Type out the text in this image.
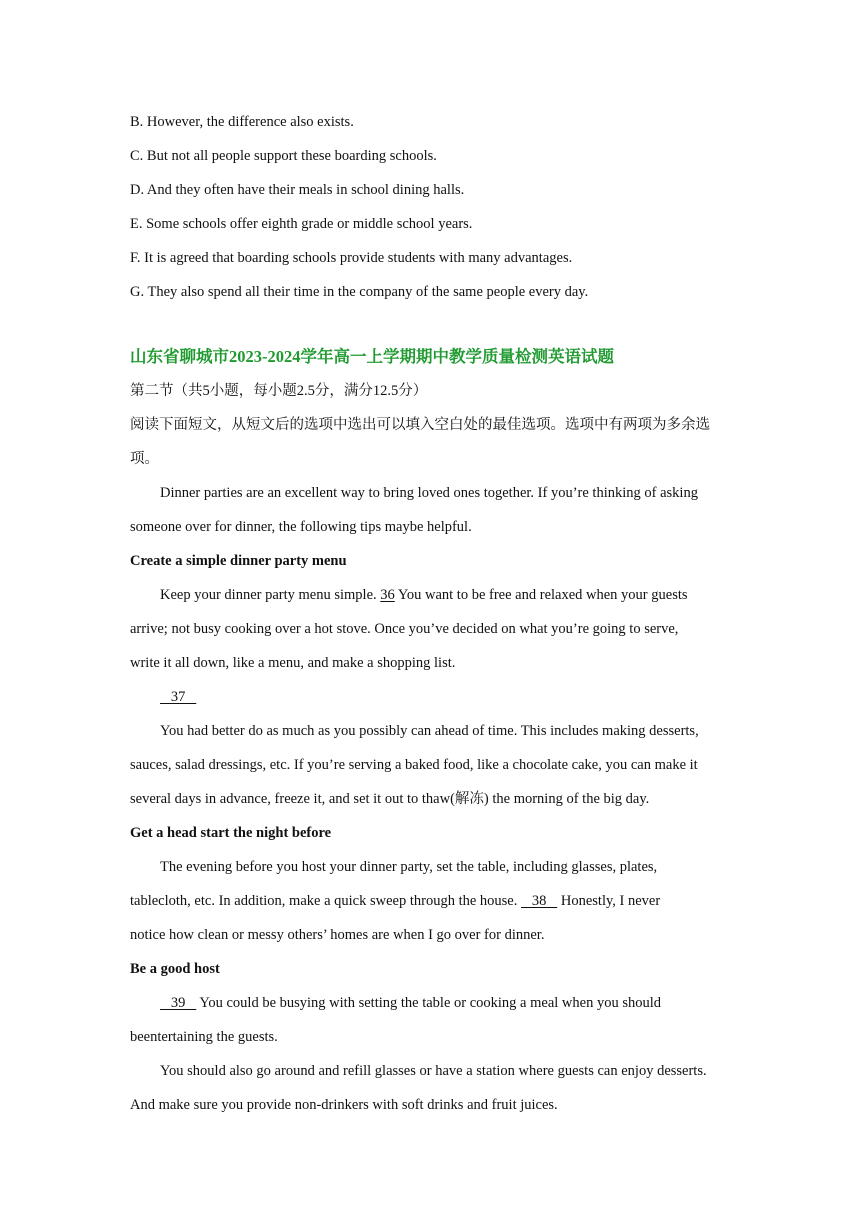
B. However, the difference also exists.
C. But not all people support these boarding schools.
D. And they often have their meals in school dining halls.
E. Some schools offer eighth grade or middle school years.
F. It is agreed that boarding schools provide students with many advantages.
G. They also spend all their time in the company of the same people every day.
山东省聊城市2023-2024学年高一上学期期中教学质量检测英语试题
第二节（共5小题，每小题2.5分，满分12.5分）
阅读下面短文，从短文后的选项中选出可以填入空白处的最佳选项。选项中有两项为多余选
项。
Dinner parties are an excellent way to bring loved ones together. If you’re thinking of asking
someone over for dinner, the following tips maybe helpful.
Create a simple dinner party menu
Keep your dinner party menu simple. 36 You want to be free and relaxed when your guests
arrive; not busy cooking over a hot stove. Once you’ve decided on what you’re going to serve,
write it all down, like a menu, and make a shopping list.
37
You had better do as much as you possibly can ahead of time. This includes making desserts,
sauces, salad dressings, etc. If you’re serving a baked food, like a chocolate cake, you can make it
several days in advance, freeze it, and set it out to thaw(解冻) the morning of the big day.
Get a head start the night before
The evening before you host your dinner party, set the table, including glasses, plates,
tablecloth, etc. In addition, make a quick sweep through the house.    38    Honestly, I never
notice how clean or messy others’ homes are when I go over for dinner.
Be a good host
39    You could be busying with setting the table or cooking a meal when you should
beentertaining the guests.
You should also go around and refill glasses or have a station where guests can enjoy desserts.
And make sure you provide non-drinkers with soft drinks and fruit juices.
